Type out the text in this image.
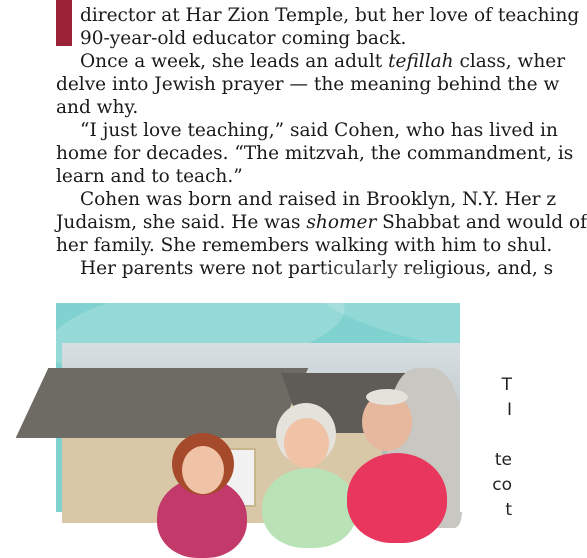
director at Har Zion Temple, but her love of teaching
90-year-old educator coming back.
Once a week, she leads an adult tefillah class, wher
delve into Jewish prayer — the meaning behind the w
and why.
“I just love teaching,” said Cohen, who has lived in
home for decades. “The mitzvah, the commandment, is
learn and to teach.”
Cohen was born and raised in Brooklyn, N.Y. Her z
Judaism, she said. He was shomer Shabbat and would of
her family. She remembers walking with him to shul.
Her parents were not particularly religious, and, s
T
I
te
co
t
